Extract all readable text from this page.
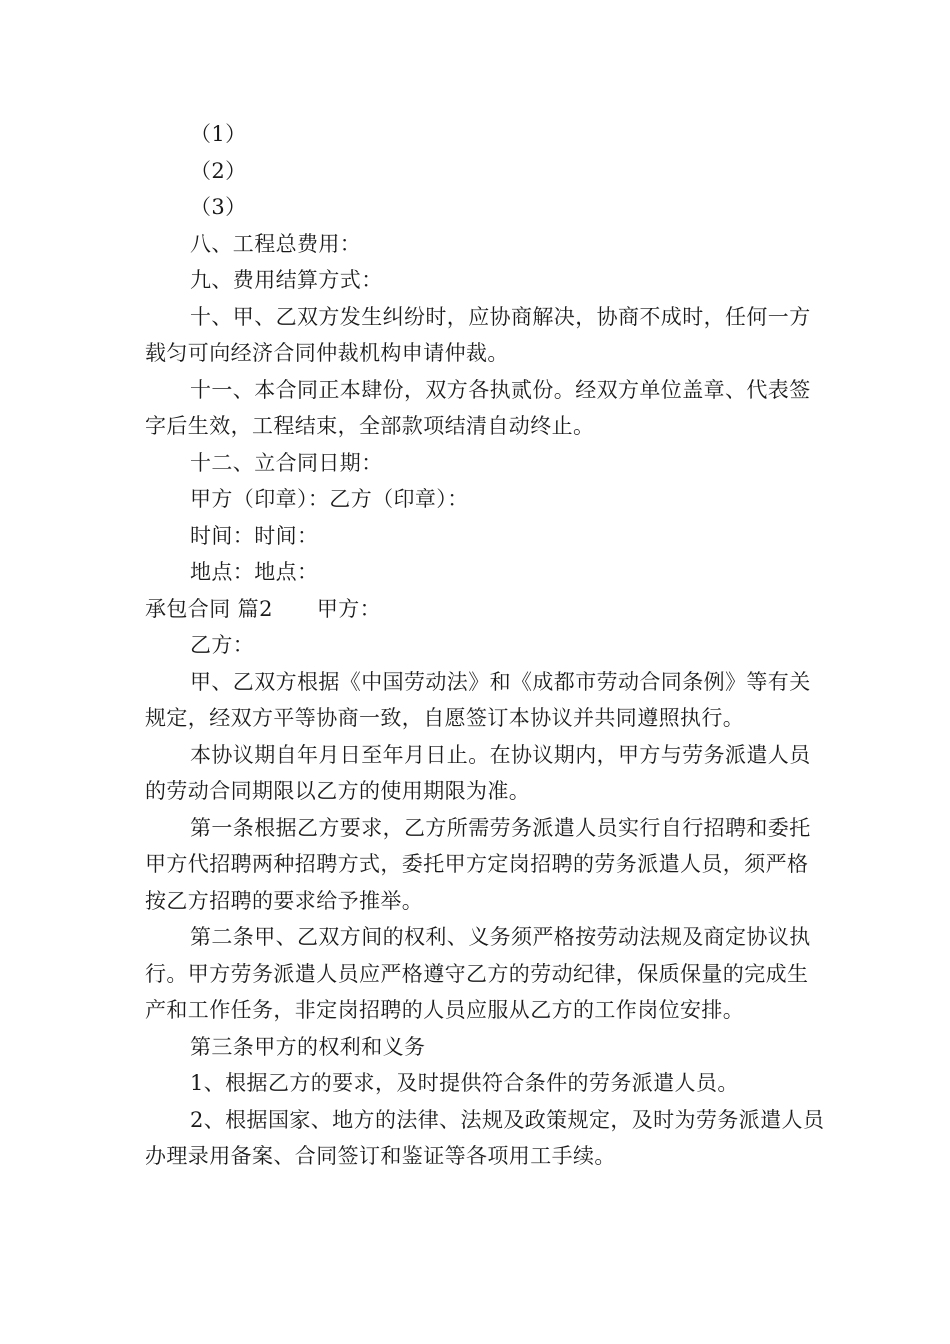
（1）

（2）

（3）

八、工程总费用：

九、费用结算方式：

十、甲、乙双方发生纠纷时，应协商解决，协商不成时，任何一方载匀可向经济合同仲裁机构申请仲裁。

十一、本合同正本肆份，双方各执贰份。经双方单位盖章、代表签字后生效，工程结束，全部款项结清自动终止。

十二、立合同日期：

甲方（印章）：乙方（印章）：

时间：时间：

地点：地点：

承包合同 篇2 甲方：

乙方：

甲、乙双方根据《中国劳动法》和《成都市劳动合同条例》等有关规定，经双方平等协商一致，自愿签订本协议并共同遵照执行。

本协议期自年月日至年月日止。在协议期内，甲方与劳务派遣人员的劳动合同期限以乙方的使用期限为准。

第一条根据乙方要求，乙方所需劳务派遣人员实行自行招聘和委托甲方代招聘两种招聘方式，委托甲方定岗招聘的劳务派遣人员，须严格按乙方招聘的要求给予推举。

第二条甲、乙双方间的权利、义务须严格按劳动法规及商定协议执行。甲方劳务派遣人员应严格遵守乙方的劳动纪律，保质保量的完成生产和工作任务，非定岗招聘的人员应服从乙方的工作岗位安排。

第三条甲方的权利和义务

1、根据乙方的要求，及时提供符合条件的劳务派遣人员。

2、根据国家、地方的法律、法规及政策规定，及时为劳务派遣人员办理录用备案、合同签订和鉴证等各项用工手续。
